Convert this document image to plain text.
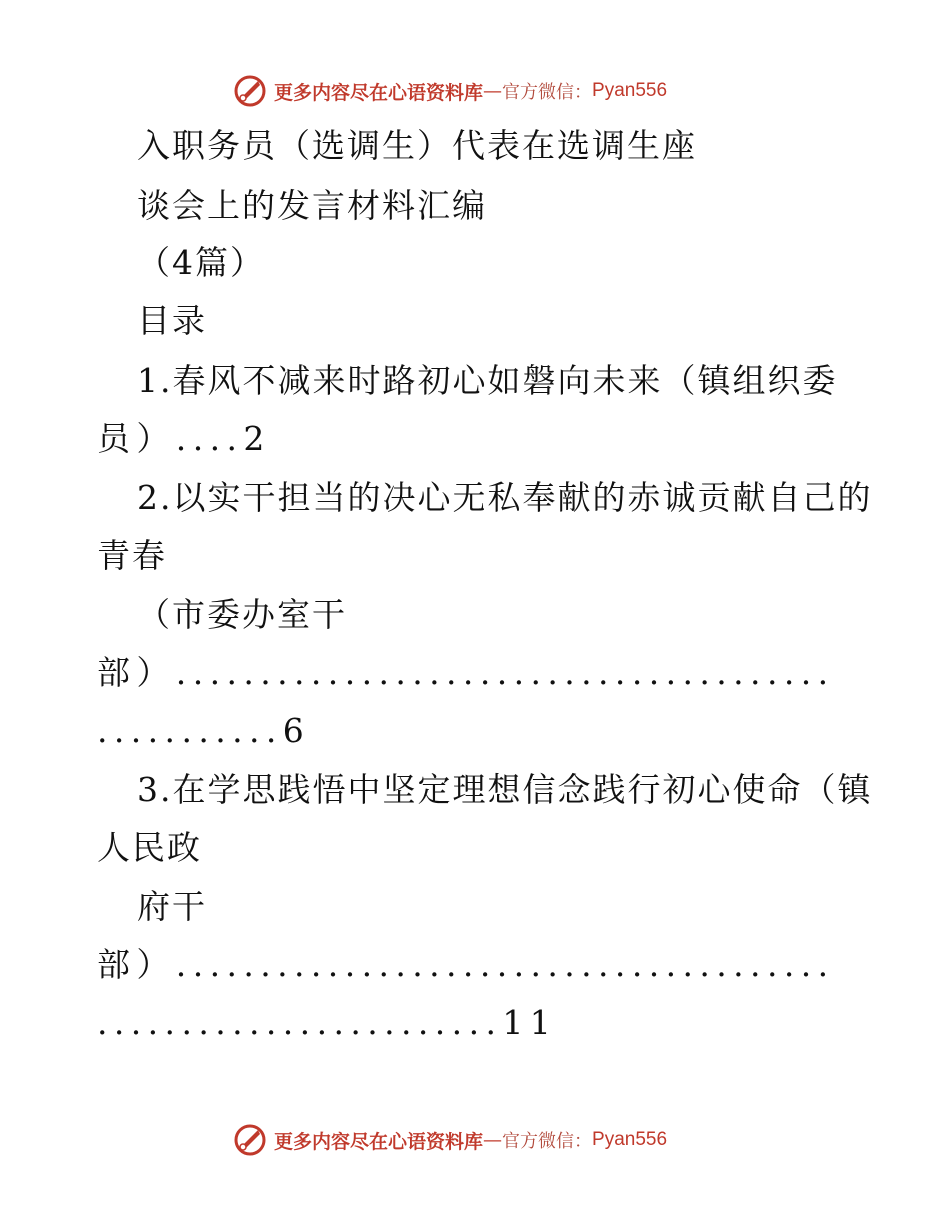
更多内容尽在心语资料库 — 官方微信： Pyan556
入职务员（选调生）代表在选调生座
谈会上的发言材料汇编
（4篇）
目录
1.春风不减来时路初心如磐向未来（镇组织委
员）....2
2.以实干担当的决心无私奉献的赤诚贡献自己的
青春
（市委办室干
部）.......................................
...........6
3.在学思践悟中坚定理想信念践行初心使命（镇
人民政
府干
部）.......................................
........................11
更多内容尽在心语资料库 — 官方微信： Pyan556
